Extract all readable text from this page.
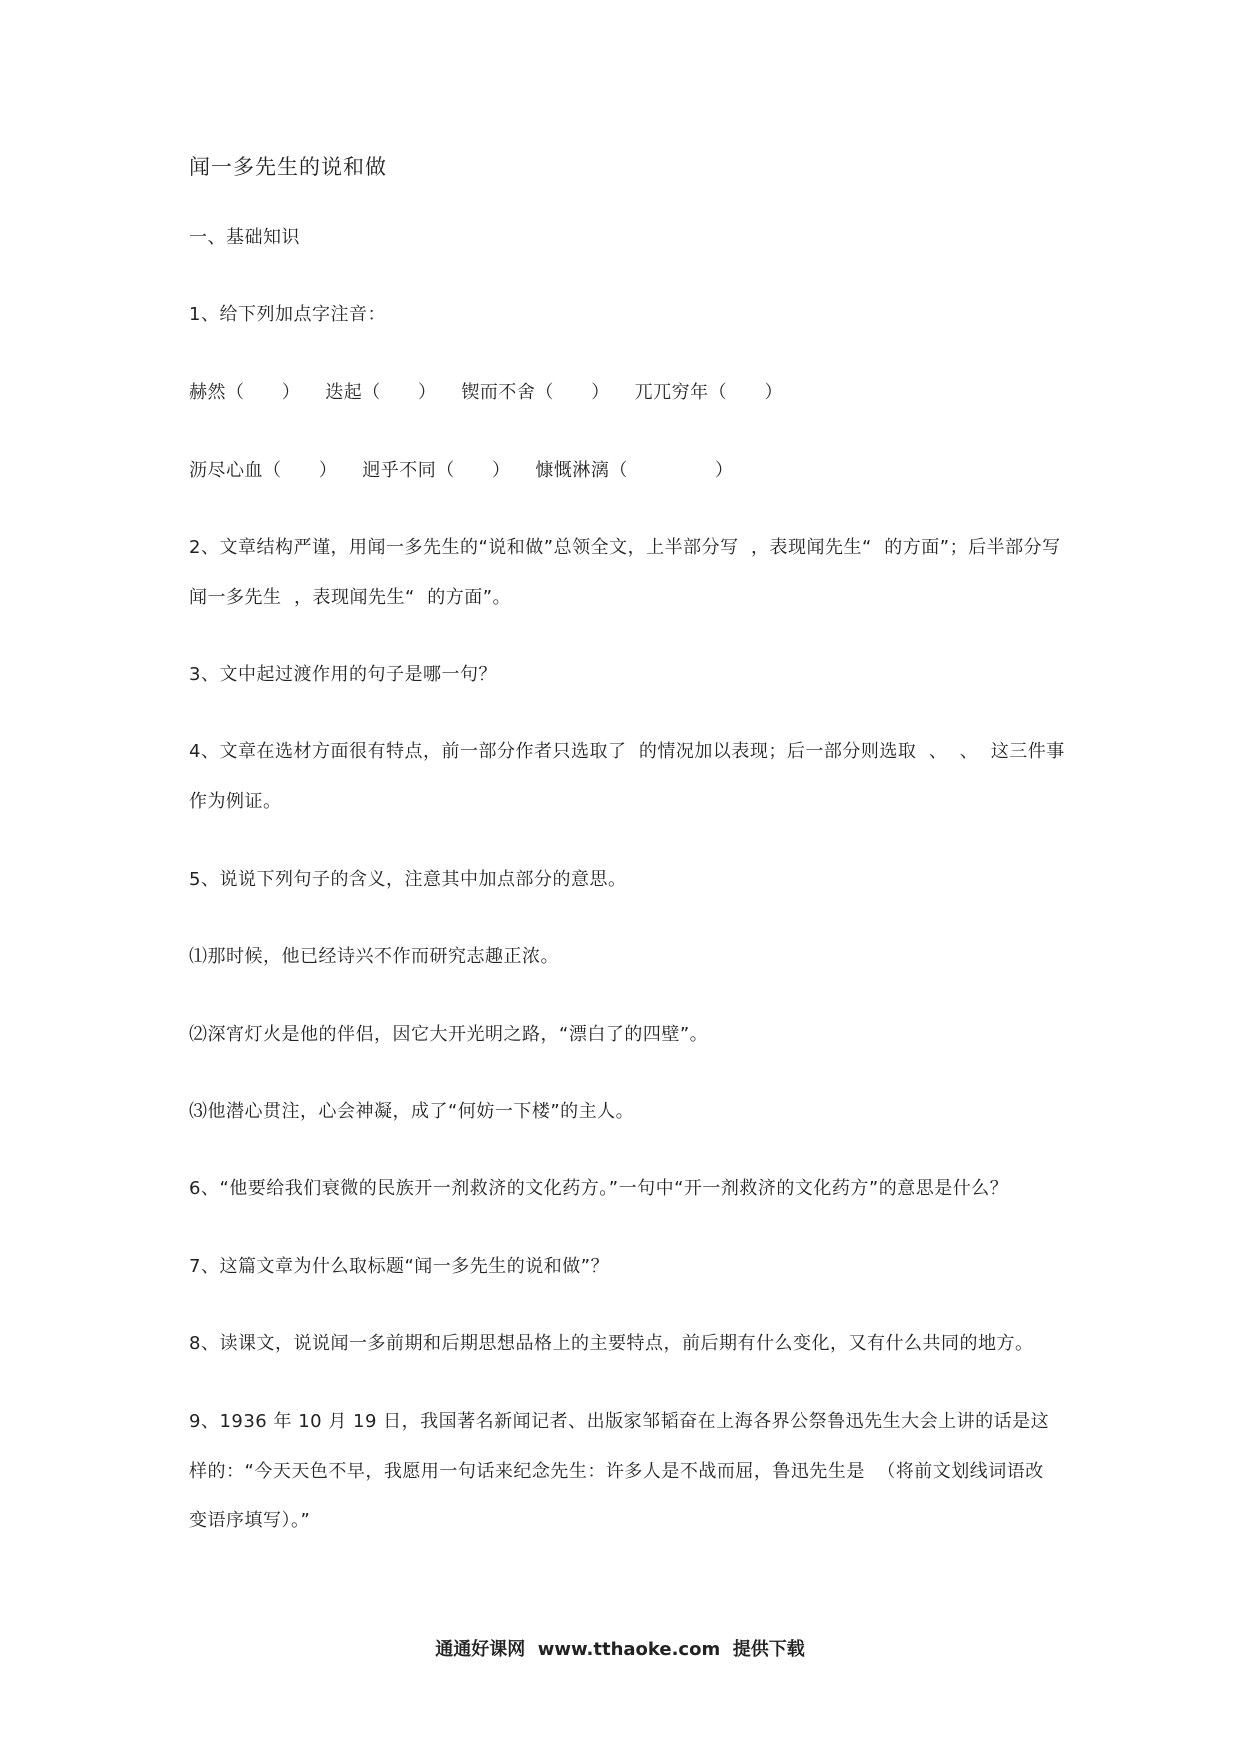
闻一多先生的说和做
一、基础知识
1、给下列加点字注音：
赫然（      ）    迭起（      ）    锲而不舍（      ）    兀兀穷年（      ）
沥尽心血（      ）    迥乎不同（      ）    慷慨淋漓（              ）
2、文章结构严谨，用闻一多先生的“说和做”总领全文，上半部分写  ，表现闻先生“  的方面”；后半部分写
闻一多先生  ，表现闻先生“  的方面”。
3、文中起过渡作用的句子是哪一句？
4、文章在选材方面很有特点，前一部分作者只选取了  的情况加以表现；后一部分则选取  、  、  这三件事
作为例证。
5、说说下列句子的含义，注意其中加点部分的意思。
⑴那时候，他已经诗兴不作而研究志趣正浓。
⑵深宵灯火是他的伴侣，因它大开光明之路，“漂白了的四壁”。
⑶他潜心贯注，心会神凝，成了“何妨一下楼”的主人。
6、“他要给我们衰微的民族开一剂救济的文化药方。”一句中“开一剂救济的文化药方”的意思是什么？
7、这篇文章为什么取标题“闻一多先生的说和做”？
8、读课文，说说闻一多前期和后期思想品格上的主要特点，前后期有什么变化，又有什么共同的地方。
9、1936 年 10 月 19 日，我国著名新闻记者、出版家邹韬奋在上海各界公祭鲁迅先生大会上讲的话是这
样的：“今天天色不早，我愿用一句话来纪念先生：许多人是不战而屈，鲁迅先生是  （将前文划线词语改
变语序填写）。”
通通好课网  www.tthaoke.com  提供下载
